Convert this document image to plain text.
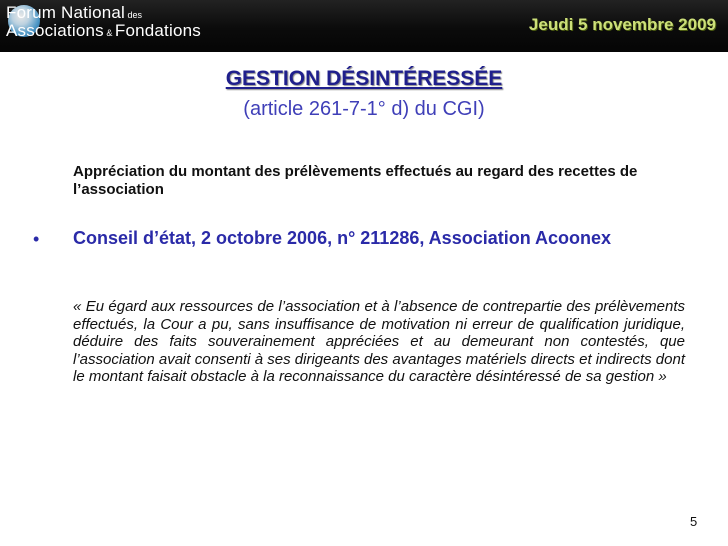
Forum National des
Associations & Fondations	Jeudi 5 novembre 2009
GESTION DÉSINTÉRESSÉE
(article 261-7-1° d) du CGI)
Appréciation du montant des prélèvements effectués au regard des recettes de l’association
• Conseil d’état, 2 octobre 2006, n° 211286, Association Acoonex
« Eu égard aux ressources de l’association et à l’absence de contrepartie des prélèvements effectués, la Cour a pu, sans insuffisance de motivation ni erreur de qualification juridique, déduire des faits souverainement appréciées et au demeurant non contestés, que l’association avait consenti à ses dirigeants des avantages matériels directs et indirects dont le montant faisait obstacle à la reconnaissance du caractère désintéressé de sa gestion »
5
